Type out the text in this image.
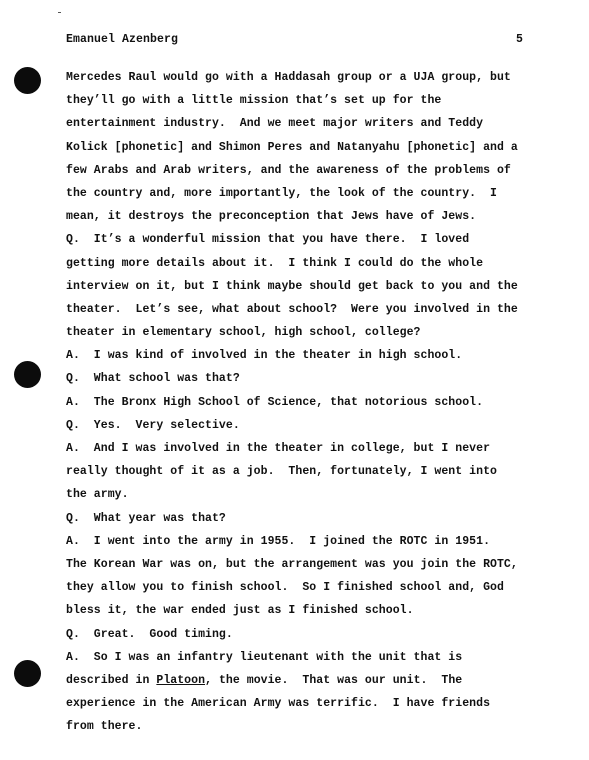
Emanuel Azenberg	5
Mercedes Raul would go with a Haddasah group or a UJA group, but
they’ll go with a little mission that’s set up for the
entertainment industry.  And we meet major writers and Teddy
Kolick [phonetic] and Shimon Peres and Natanyahu [phonetic] and a
few Arabs and Arab writers, and the awareness of the problems of
the country and, more importantly, the look of the country.  I
mean, it destroys the preconception that Jews have of Jews.
Q.  It’s a wonderful mission that you have there.  I loved
getting more details about it.  I think I could do the whole
interview on it, but I think maybe should get back to you and the
theater.  Let’s see, what about school?  Were you involved in the
theater in elementary school, high school, college?
A.  I was kind of involved in the theater in high school.
Q.  What school was that?
A.  The Bronx High School of Science, that notorious school.
Q.  Yes.  Very selective.
A.  And I was involved in the theater in college, but I never
really thought of it as a job.  Then, fortunately, I went into
the army.
Q.  What year was that?
A.  I went into the army in 1955.  I joined the ROTC in 1951.
The Korean War was on, but the arrangement was you join the ROTC,
they allow you to finish school.  So I finished school and, God
bless it, the war ended just as I finished school.
Q.  Great.  Good timing.
A.  So I was an infantry lieutenant with the unit that is
described in Platoon, the movie.  That was our unit.  The
experience in the American Army was terrific.  I have friends
from there.
